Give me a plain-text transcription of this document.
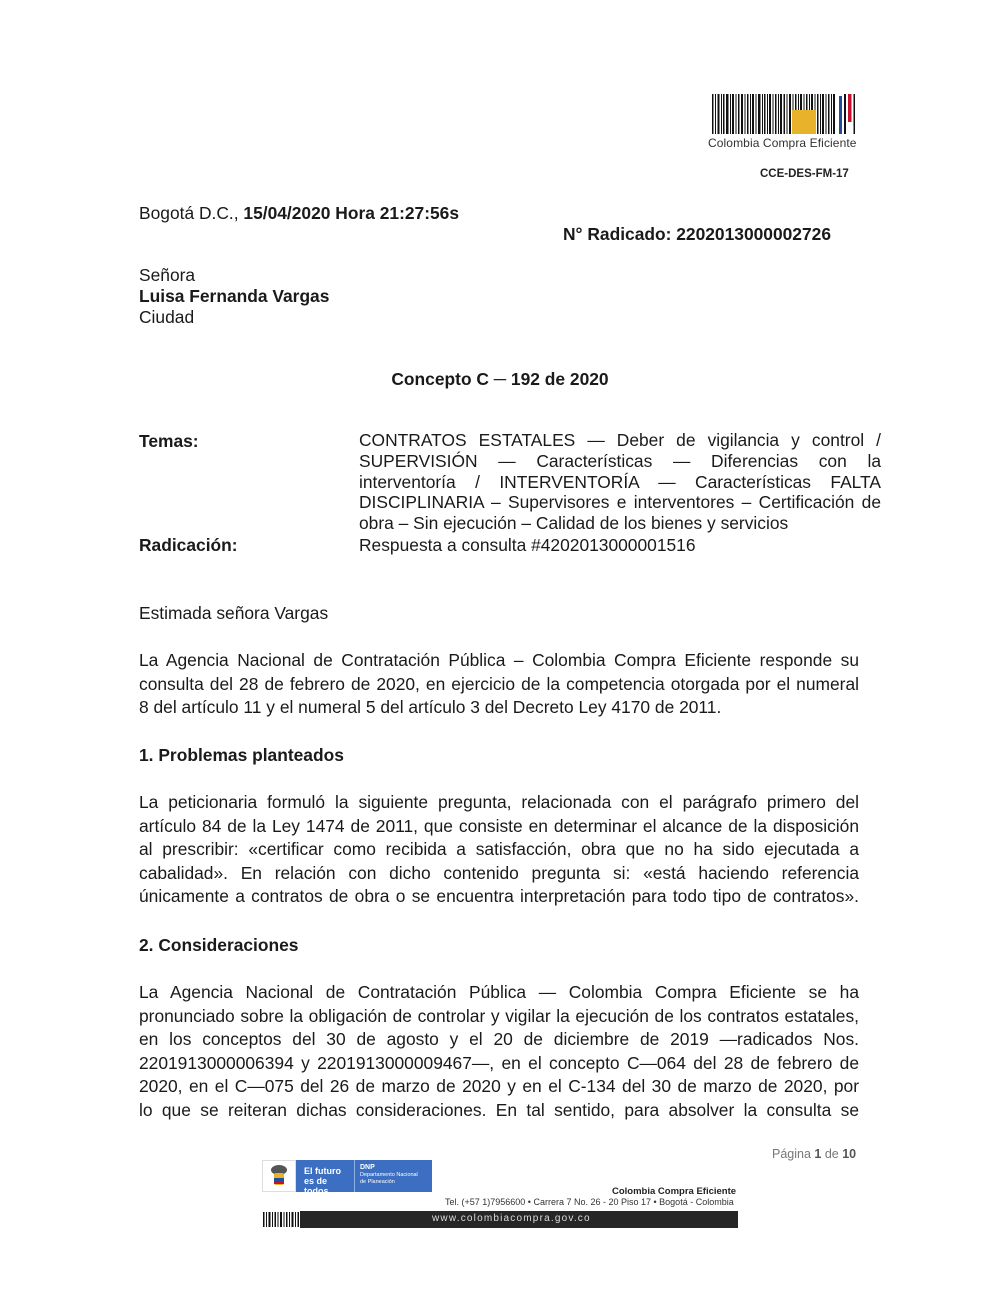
Colombia Compra Eficiente
CCE-DES-FM-17
Bogotá D.C., 15/04/2020 Hora 21:27:56s
N° Radicado: 2202013000002726
Señora
Luisa Fernanda Vargas
Ciudad
Concepto C ─ 192 de 2020
Temas:	CONTRATOS ESTATALES — Deber de vigilancia y control /
SUPERVISIÓN — Características — Diferencias con la
interventoría / INTERVENTORÍA — Características FALTA
DISCIPLINARIA – Supervisores e interventores – Certificación de
obra – Sin ejecución – Calidad de los bienes y servicios
Radicación:	Respuesta a consulta #4202013000001516
Estimada señora Vargas
La Agencia Nacional de Contratación Pública – Colombia Compra Eficiente responde su
consulta del 28 de febrero de 2020, en ejercicio de la competencia otorgada por el numeral
8 del artículo 11 y el numeral 5 del artículo 3 del Decreto Ley 4170 de 2011.
1. Problemas planteados
La peticionaria formuló la siguiente pregunta, relacionada con el parágrafo primero del
artículo 84 de la Ley 1474 de 2011, que consiste en determinar el alcance de la disposición
al prescribir: «certificar como recibida a satisfacción, obra que no ha sido ejecutada a
cabalidad». En relación con dicho contenido pregunta si: «está haciendo referencia
únicamente a contratos de obra o se encuentra interpretación para todo tipo de contratos».
2. Consideraciones
La Agencia Nacional de Contratación Pública — Colombia Compra Eficiente se ha
pronunciado sobre la obligación de controlar y vigilar la ejecución de los contratos estatales,
en los conceptos del 30 de agosto y el 20 de diciembre de 2019 —radicados Nos.
2201913000006394 y 2201913000009467—, en el concepto C—064 del 28 de febrero de
2020, en el C—075 del 26 de marzo de 2020 y en el C-134 del 30 de marzo de 2020, por
lo que se reiteran dichas consideraciones. En tal sentido, para absolver la consulta se
Página 1 de 10
El futuro es de todos
DNP
Departamento Nacional de Planeación
Colombia Compra Eficiente
Tel. (+57 1)7956600 • Carrera 7 No. 26 - 20 Piso 17 • Bogotá - Colombia
www.colombiacompra.gov.co
